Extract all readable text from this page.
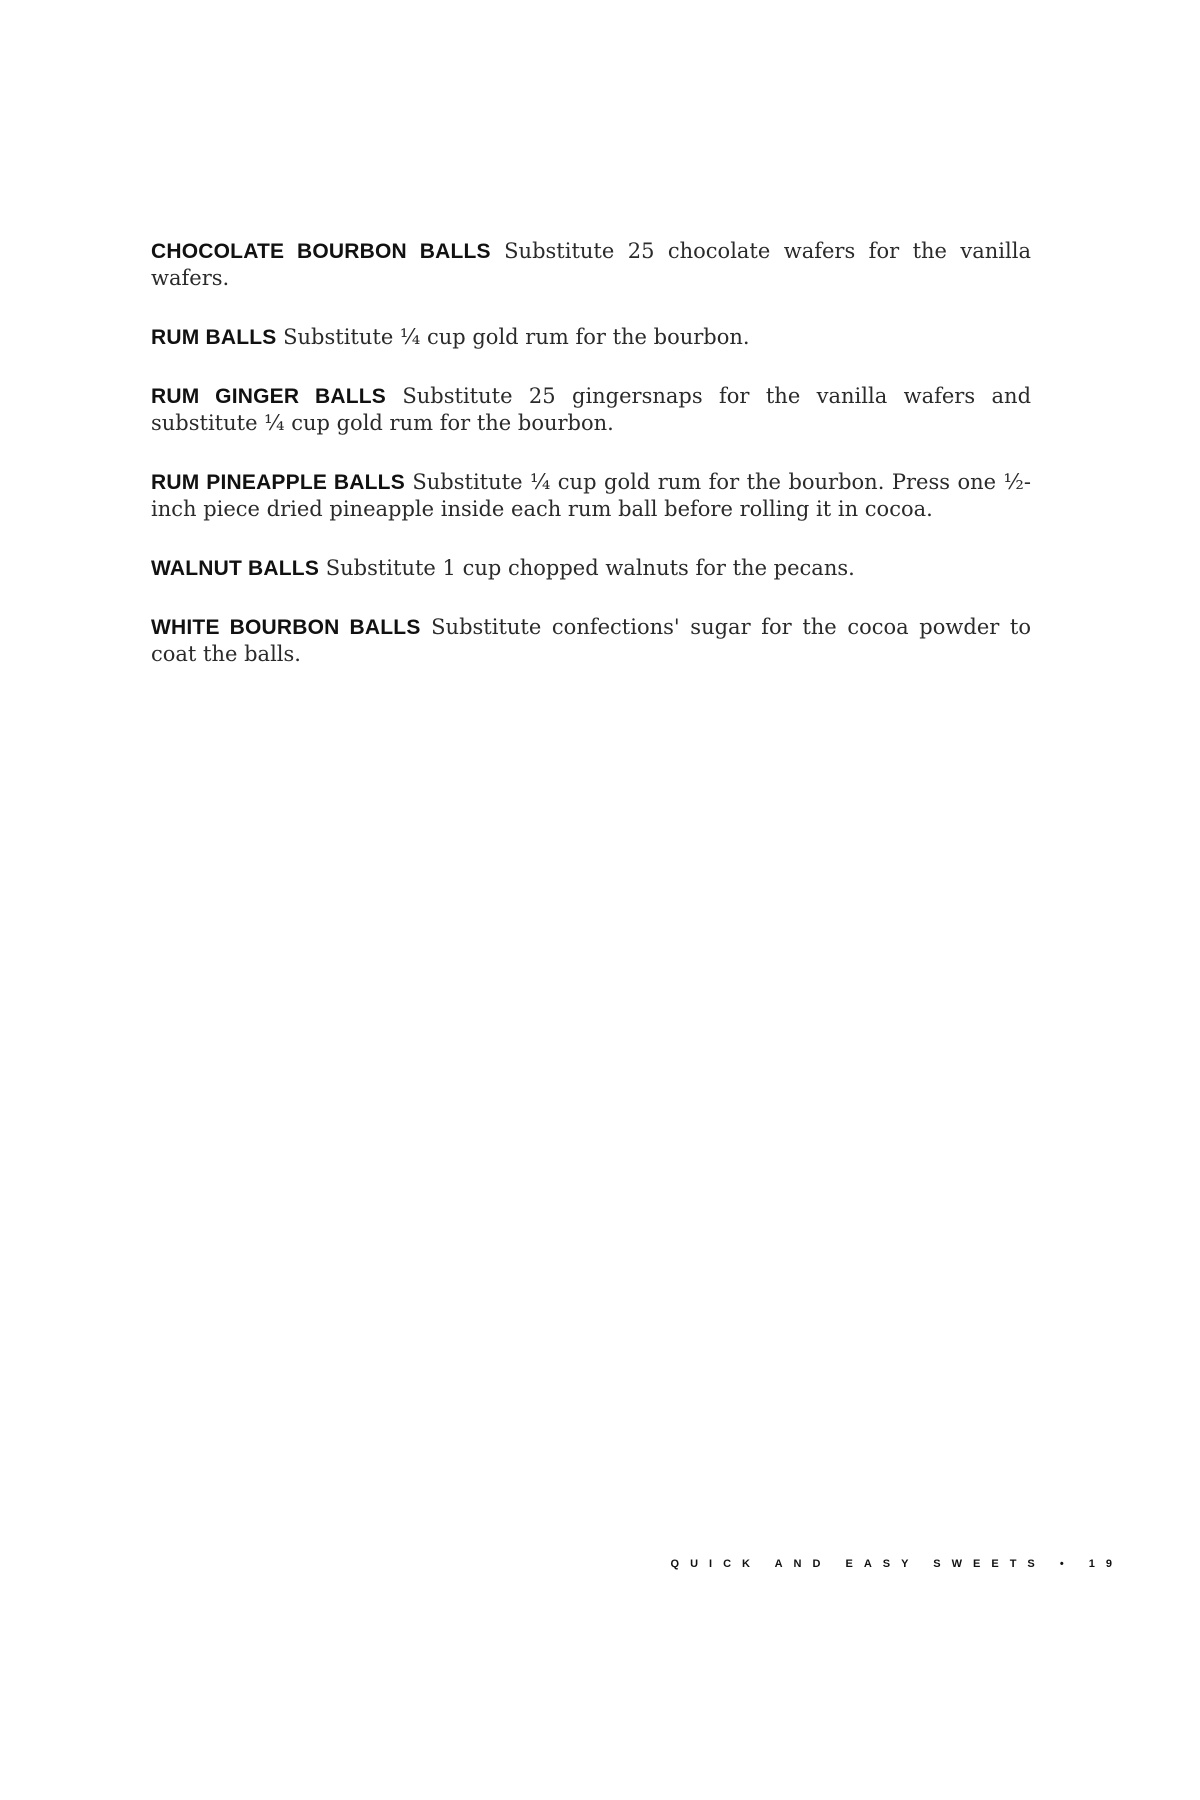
CHOCOLATE BOURBON BALLS Substitute 25 chocolate wafers for the vanilla wafers.

RUM BALLS Substitute ¼ cup gold rum for the bourbon.

RUM GINGER BALLS Substitute 25 gingersnaps for the vanilla wafers and substitute ¼ cup gold rum for the bourbon.

RUM PINEAPPLE BALLS Substitute ¼ cup gold rum for the bourbon. Press one ½-inch piece dried pineapple inside each rum ball before rolling it in cocoa.

WALNUT BALLS Substitute 1 cup chopped walnuts for the pecans.

WHITE BOURBON BALLS Substitute confections' sugar for the cocoa powder to coat the balls.

QUICK AND EASY SWEETS • 19
